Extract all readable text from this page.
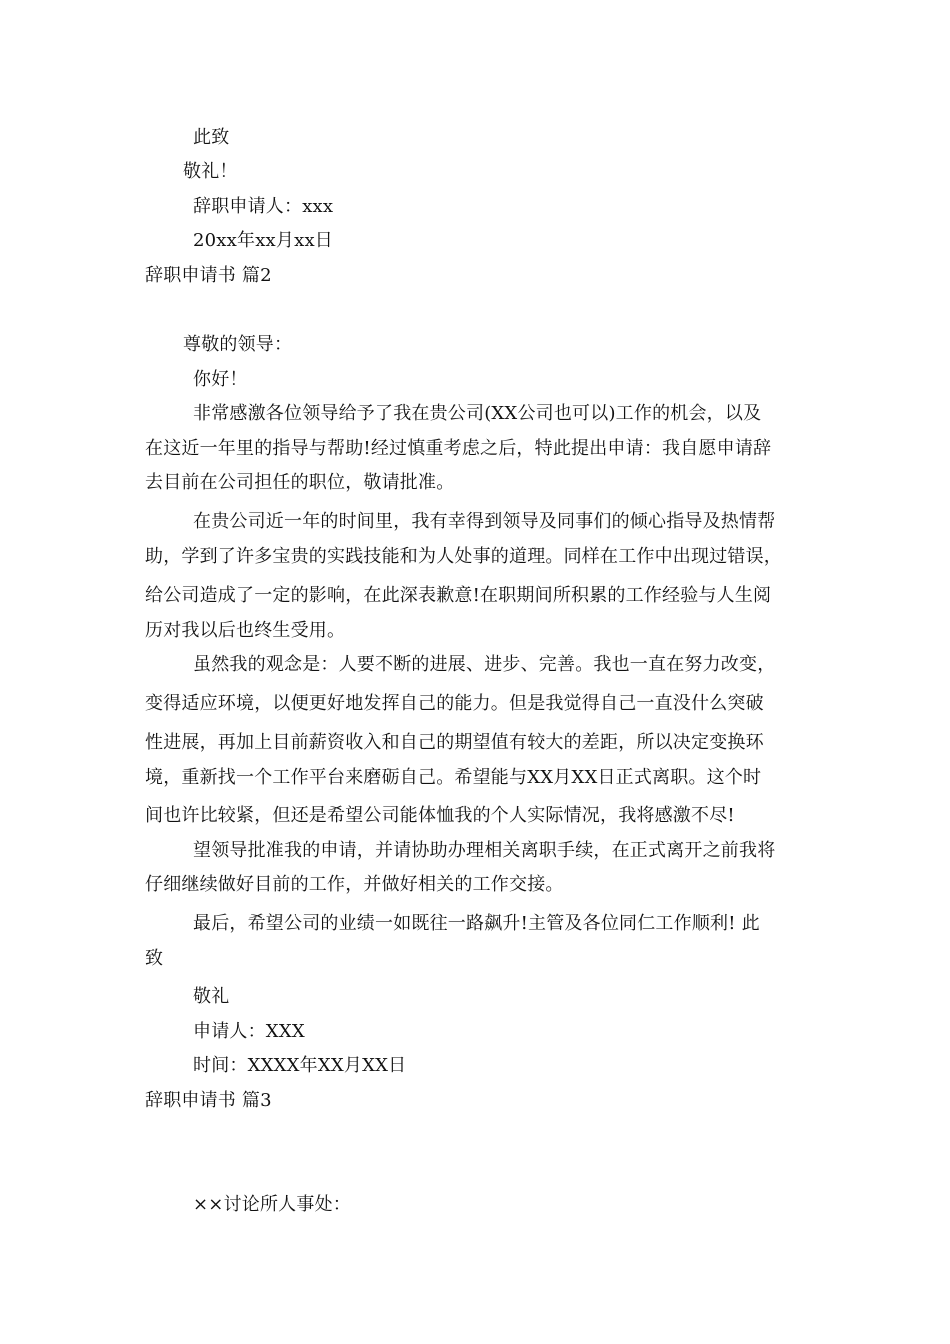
此致
敬礼！
辞职申请人：xxx
20xx年xx月xx日
辞职申请书 篇2
尊敬的领导：
你好！
非常感激各位领导给予了我在贵公司(XX公司也可以)工作的机会，以及
在这近一年里的指导与帮助!经过慎重考虑之后，特此提出申请：我自愿申请辞
去目前在公司担任的职位，敬请批准。
在贵公司近一年的时间里，我有幸得到领导及同事们的倾心指导及热情帮
助，学到了许多宝贵的实践技能和为人处事的道理。同样在工作中出现过错误，
给公司造成了一定的影响，在此深表歉意!在职期间所积累的工作经验与人生阅
历对我以后也终生受用。
虽然我的观念是：人要不断的进展、进步、完善。我也一直在努力改变，
变得适应环境，以便更好地发挥自己的能力。但是我觉得自己一直没什么突破
性进展，再加上目前薪资收入和自己的期望值有较大的差距，所以决定变换环
境，重新找一个工作平台来磨砺自己。希望能与XX月XX日正式离职。这个时
间也许比较紧，但还是希望公司能体恤我的个人实际情况，我将感激不尽!
望领导批准我的申请，并请协助办理相关离职手续，在正式离开之前我将
仔细继续做好目前的工作，并做好相关的工作交接。
最后，希望公司的业绩一如既往一路飙升!主管及各位同仁工作顺利! 此
致
敬礼
申请人：XXX
时间：XXXX年XX月XX日
辞职申请书 篇3
××讨论所人事处：
